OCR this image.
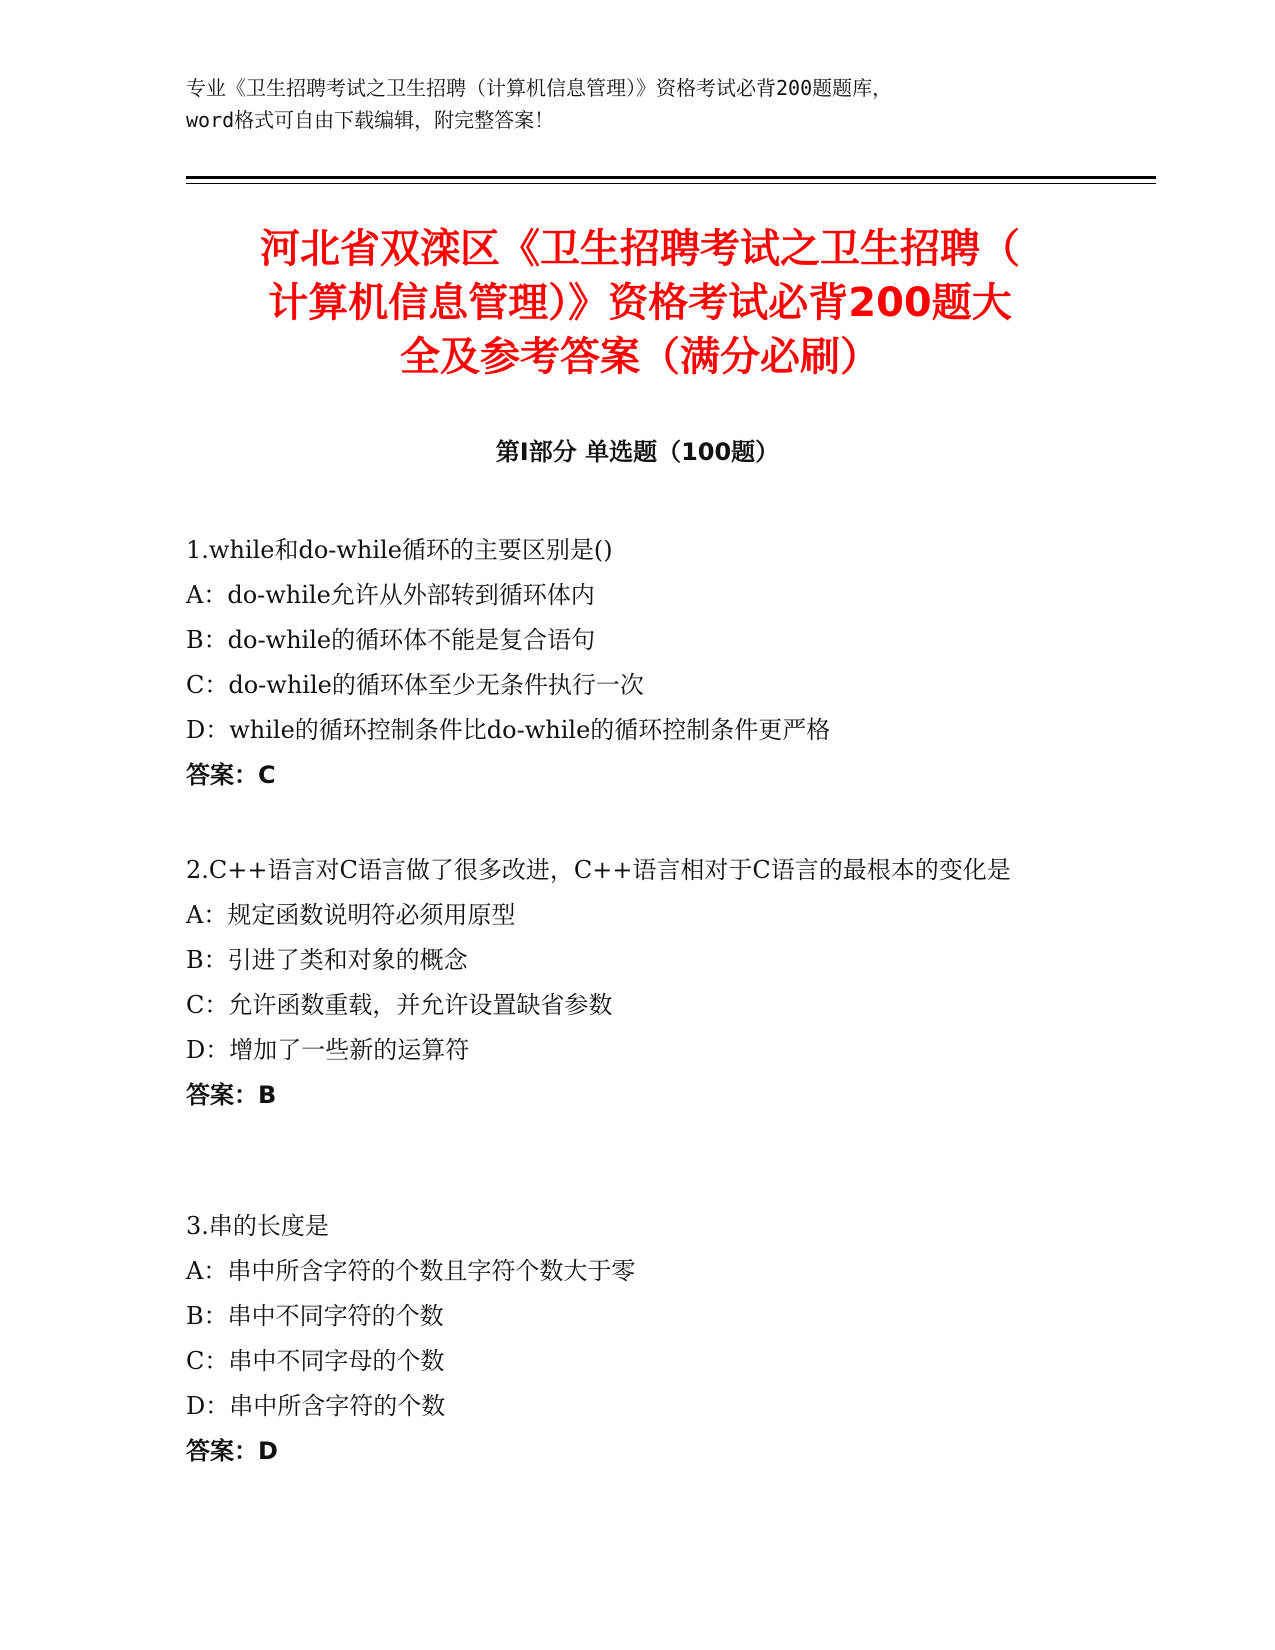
专业《卫生招聘考试之卫生招聘（计算机信息管理）》资格考试必背200题题库，
word格式可自由下载编辑，附完整答案！
河北省双滦区《卫生招聘考试之卫生招聘（
计算机信息管理）》资格考试必背200题大
全及参考答案（满分必刷）
第Ⅰ部分 单选题（100题）
1.while和do-while循环的主要区别是()
A：do-while允许从外部转到循环体内
B：do-while的循环体不能是复合语句
C：do-while的循环体至少无条件执行一次
D：while的循环控制条件比do-while的循环控制条件更严格
答案：C
2.C++语言对C语言做了很多改进，C++语言相对于C语言的最根本的变化是
A：规定函数说明符必须用原型
B：引进了类和对象的概念
C：允许函数重载，并允许设置缺省参数
D：增加了一些新的运算符
答案：B
3.串的长度是
A：串中所含字符的个数且字符个数大于零
B：串中不同字符的个数
C：串中不同字母的个数
D：串中所含字符的个数
答案：D
